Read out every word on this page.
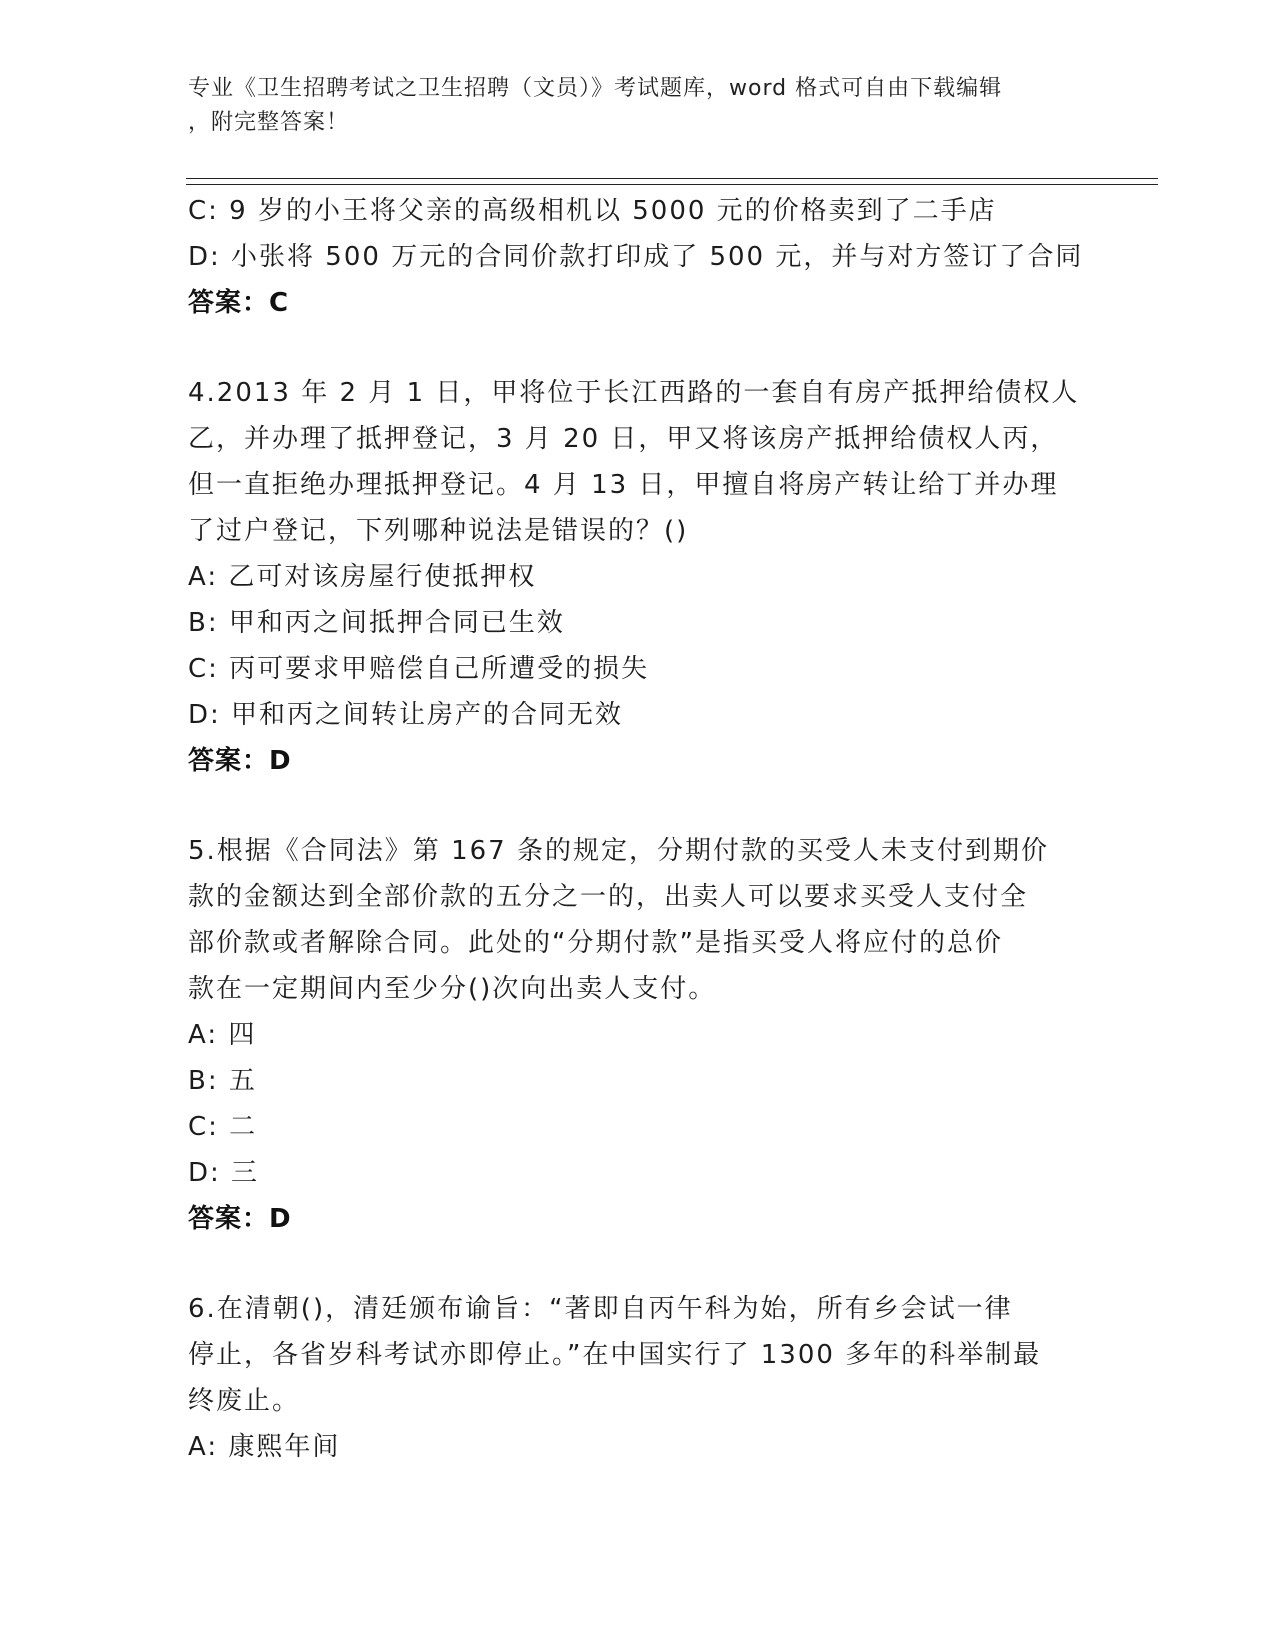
专业《卫生招聘考试之卫生招聘（文员）》考试题库，word 格式可自由下载编辑
，附完整答案！
C: 9 岁的小王将父亲的高级相机以 5000 元的价格卖到了二手店
D: 小张将 500 万元的合同价款打印成了 500 元，并与对方签订了合同
答案：C
4.2013 年 2 月 1 日，甲将位于长江西路的一套自有房产抵押给债权人
乙，并办理了抵押登记，3 月 20 日，甲又将该房产抵押给债权人丙，
但一直拒绝办理抵押登记。4 月 13 日，甲擅自将房产转让给丁并办理
了过户登记，下列哪种说法是错误的？()
A: 乙可对该房屋行使抵押权
B: 甲和丙之间抵押合同已生效
C: 丙可要求甲赔偿自己所遭受的损失
D: 甲和丙之间转让房产的合同无效
答案：D
5.根据《合同法》第 167 条的规定，分期付款的买受人未支付到期价
款的金额达到全部价款的五分之一的，出卖人可以要求买受人支付全
部价款或者解除合同。此处的“分期付款”是指买受人将应付的总价
款在一定期间内至少分()次向出卖人支付。
A: 四
B: 五
C: 二
D: 三
答案：D
6.在清朝()，清廷颁布谕旨：“著即自丙午科为始，所有乡会试一律
停止，各省岁科考试亦即停止。”在中国实行了 1300 多年的科举制最
终废止。
A: 康熙年间
